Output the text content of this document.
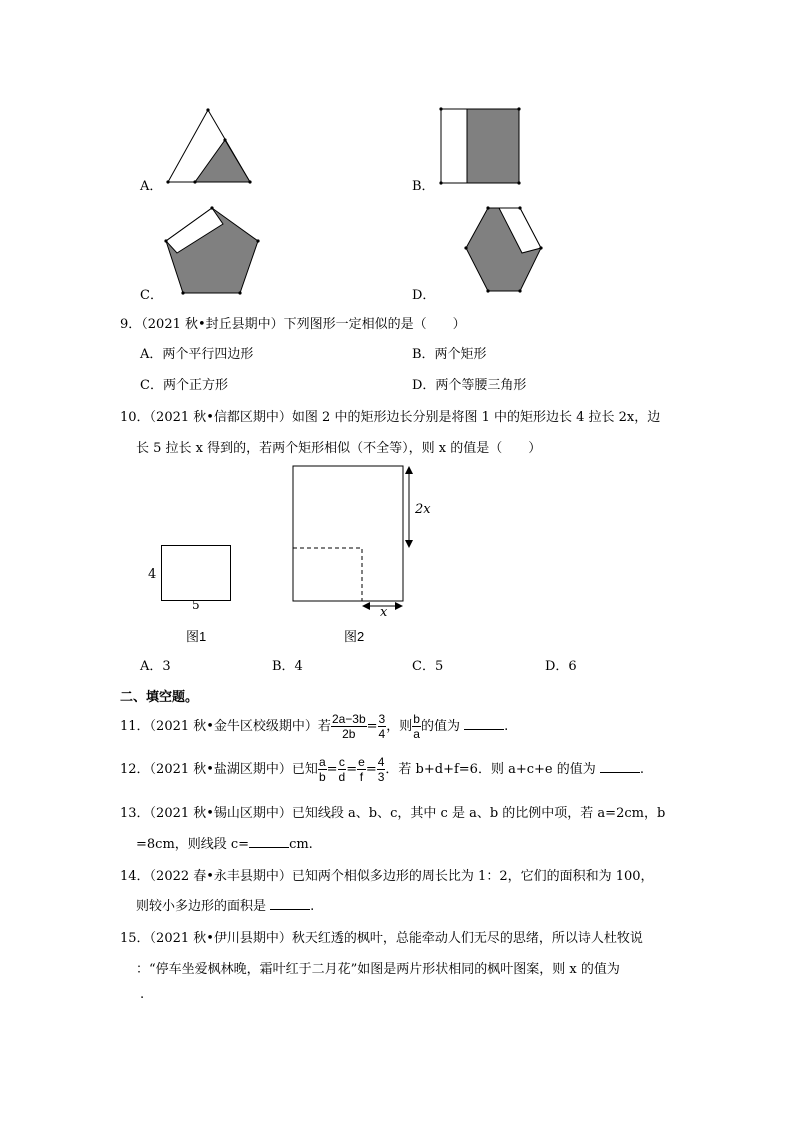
A．	B．
C．	D．
9．（2021 秋•封丘县期中）下列图形一定相似的是（　　）
A．两个平行四边形	B．两个矩形
C．两个正方形	D．两个等腰三角形
10．（2021 秋•信都区期中）如图 2 中的矩形边长分别是将图 1 中的矩形边长 4 拉长 2x，边
长 5 拉长 x 得到的，若两个矩形相似（不全等），则 x 的值是（　　）
4
5
图1
2x
x
图2
A．3	B．4	C．5	D．6
二、填空题。
11．（2021 秋•金牛区校级期中）若 $\frac{2a-3b}{2b} = \frac{3}{4}$ ，则 $\frac{b}{a}$ 的值为	.
12．（2021 秋•盐湖区期中）已知 $\frac{a}{b} = \frac{c}{d} = \frac{e}{f} = \frac{4}{3}$ ．若 b+d+f=6．则 a+c+e 的值为	.
13．（2021 秋•锡山区期中）已知线段 a、b、c，其中 c 是 a、b 的比例中项，若 a=2cm，b
=8cm，则线段 c=	cm.
14．（2022 春•永丰县期中）已知两个相似多边形的周长比为 1：2，它们的面积和为 100，
则较小多边形的面积是	.
15．（2021 秋•伊川县期中）秋天红透的枫叶，总能牵动人们无尽的思绪，所以诗人杜牧说
：“停车坐爱枫林晚，霜叶红于二月花”如图是两片形状相同的枫叶图案，则 x 的值为
.
